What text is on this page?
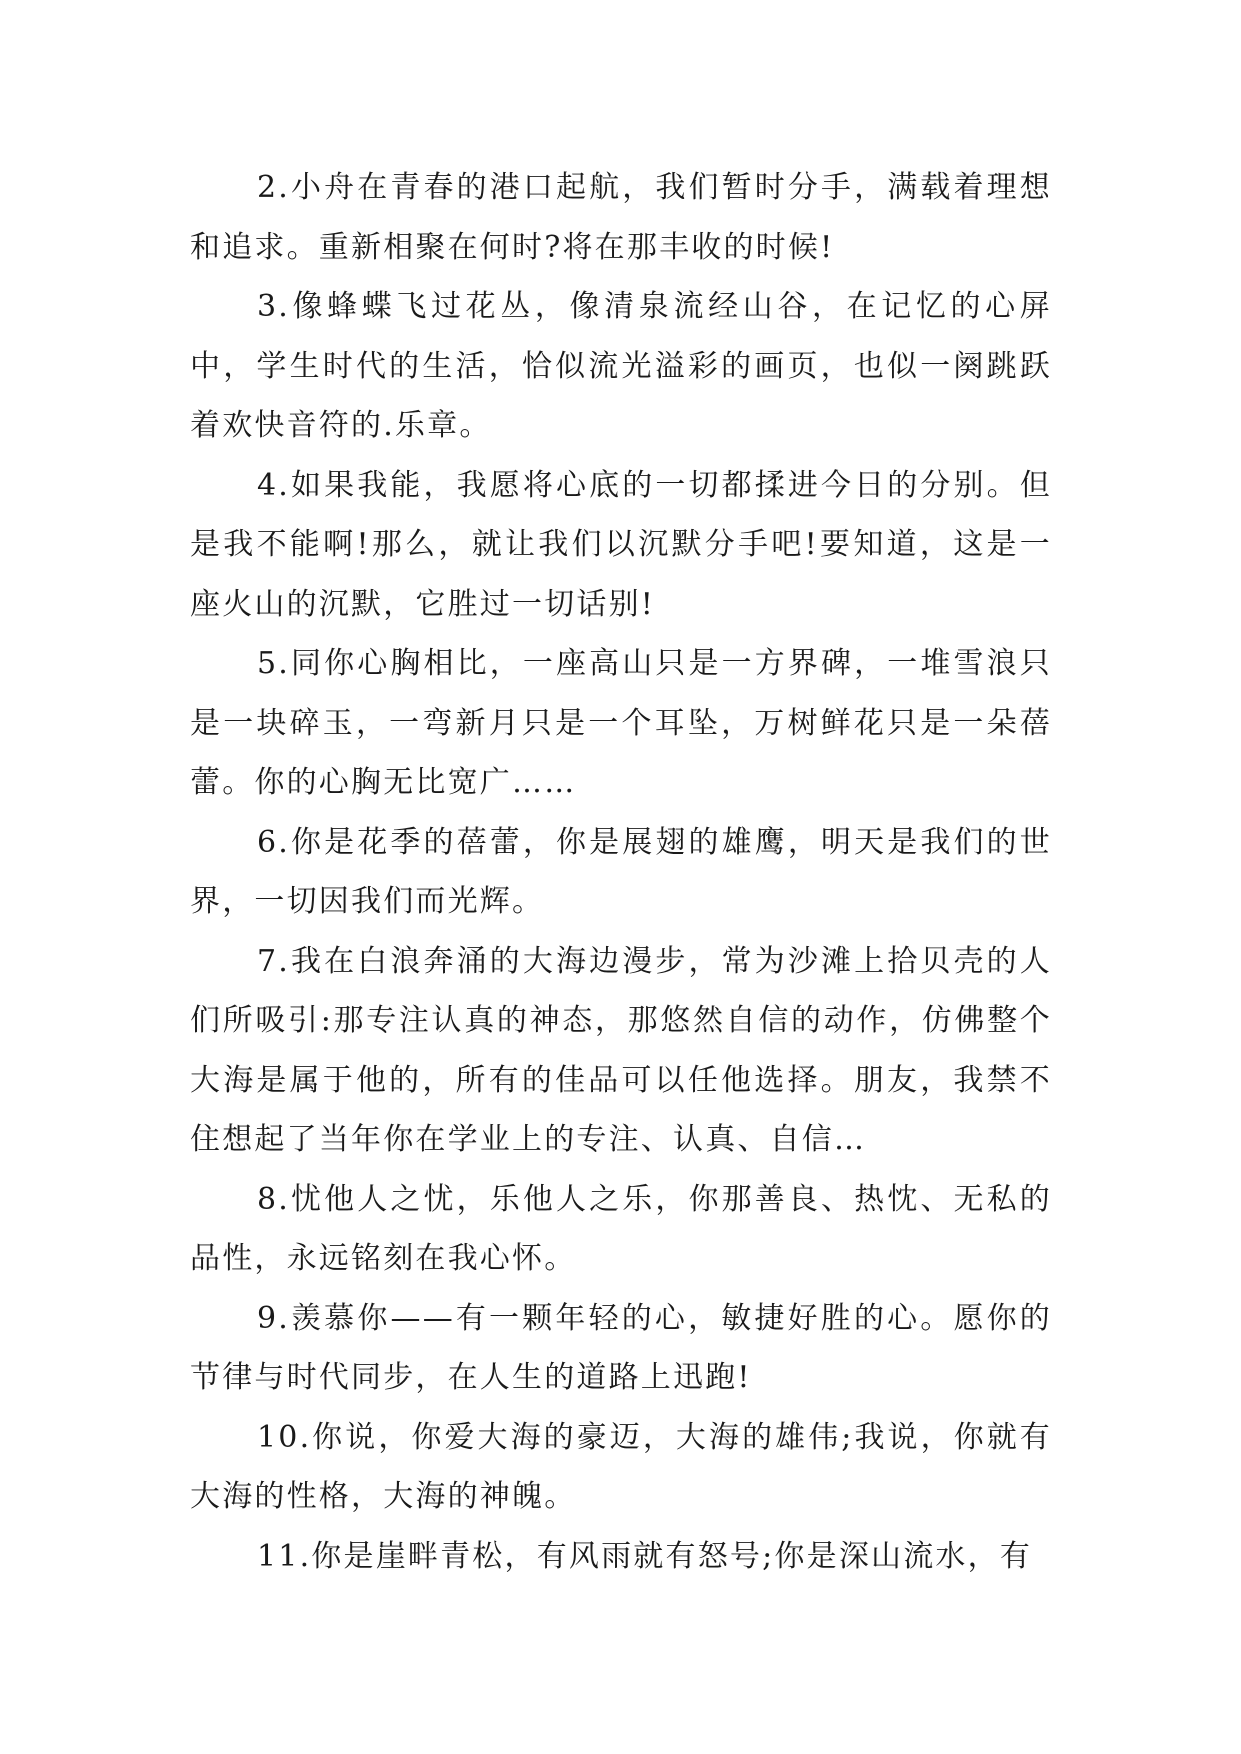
2.小舟在青春的港口起航，我们暂时分手，满载着理想和追求。重新相聚在何时?将在那丰收的时候!

3.像蜂蝶飞过花丛，像清泉流经山谷，在记忆的心屏中，学生时代的生活，恰似流光溢彩的画页，也似一阕跳跃着欢快音符的.乐章。

4.如果我能，我愿将心底的一切都揉进今日的分别。但是我不能啊!那么，就让我们以沉默分手吧!要知道，这是一座火山的沉默，它胜过一切话别!

5.同你心胸相比，一座高山只是一方界碑，一堆雪浪只是一块碎玉，一弯新月只是一个耳坠，万树鲜花只是一朵蓓蕾。你的心胸无比宽广……

6.你是花季的蓓蕾，你是展翅的雄鹰，明天是我们的世界，一切因我们而光辉。

7.我在白浪奔涌的大海边漫步，常为沙滩上拾贝壳的人们所吸引:那专注认真的神态，那悠然自信的动作，仿佛整个大海是属于他的，所有的佳品可以任他选择。朋友，我禁不住想起了当年你在学业上的专注、认真、自信…

8.忧他人之忧，乐他人之乐，你那善良、热忱、无私的品性，永远铭刻在我心怀。

9.羡慕你——有一颗年轻的心，敏捷好胜的心。愿你的节律与时代同步，在人生的道路上迅跑!

10.你说，你爱大海的豪迈，大海的雄伟;我说，你就有大海的性格，大海的神魄。

11.你是崖畔青松，有风雨就有怒号;你是深山流水，有
